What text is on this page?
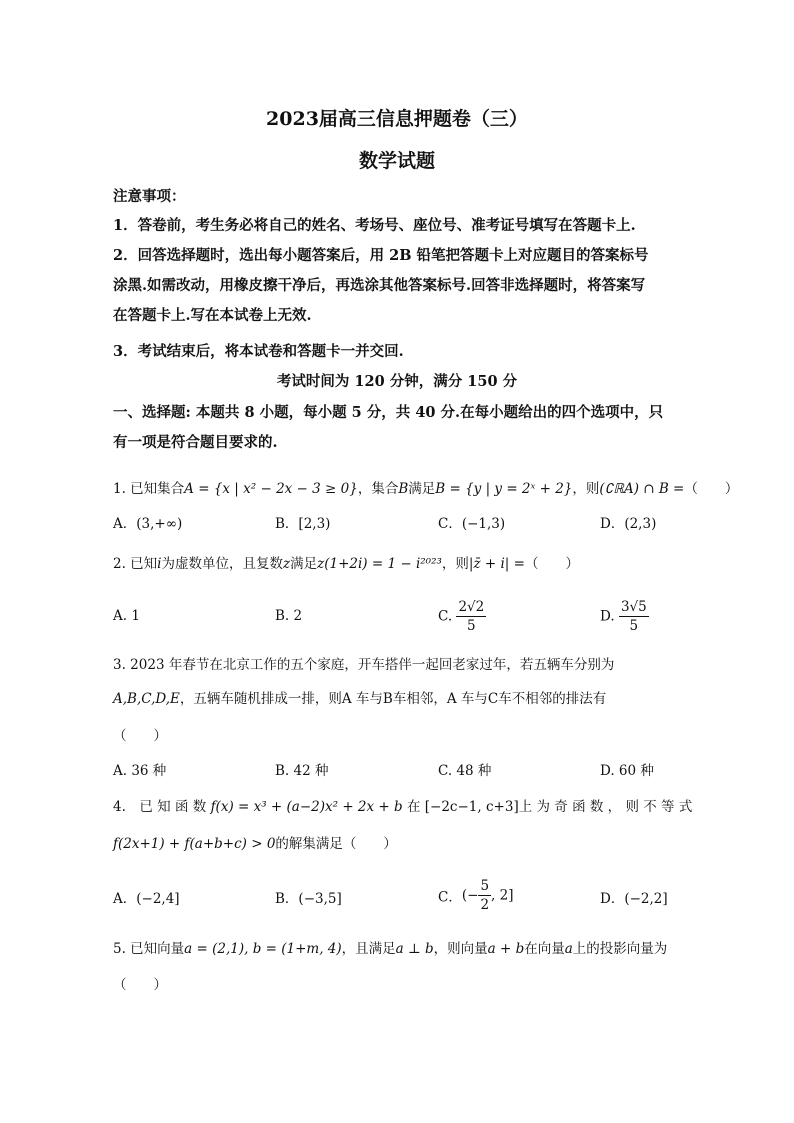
2023届高三信息押题卷（三）
数学试题
注意事项：
1．答卷前，考生务必将自己的姓名、考场号、座位号、准考证号填写在答题卡上.
2．回答选择题时，选出每小题答案后，用 2B 铅笔把答题卡上对应题目的答案标号
涂黑.如需改动，用橡皮擦干净后，再选涂其他答案标号.回答非选择题时，将答案写
在答题卡上.写在本试卷上无效.
3．考试结束后，将本试卷和答题卡一并交回.
考试时间为 120 分钟，满分 150 分
一、选择题: 本题共 8 小题，每小题 5 分，共 40 分.在每小题给出的四个选项中，只
有一项是符合题目要求的.
1. 已知集合A = {x | x² − 2x − 3 ≥ 0}，集合B满足B = {y | y = 2ˣ + 2}，则(∁ℝA) ∩ B =（　　）
A．(3,+∞)	B．[2,3)	C．(−1,3)	D．(2,3)
2. 已知i为虚数单位，且复数z满足z(1+2i) = 1 − i²⁰²³，则|z̄ + i| =（　　）
A. 1	B. 2	C. $\frac{2√2}{5}$	D. $\frac{3√5}{5}$
3. 2023 年春节在北京工作的五个家庭，开车搭伴一起回老家过年，若五辆车分别为
A,B,C,D,E，五辆车随机排成一排，则A 车与B车相邻，A 车与C车不相邻的排法有
（　　）
A. 36 种	B. 42 种	C. 48 种	D. 60 种
4.　已 知 函 数 f(x) = x³ + (a−2)x² + 2x + b 在 [−2c−1, c+3]上 为 奇 函 数 ， 则 不 等 式
f(2x+1) + f(a+b+c) > 0的解集满足（　　）
A．(−2,4]	B．(−3,5]	C．(− $\frac{5}{2}$ , 2]	D．(−2,2]
5. 已知向量a = (2,1), b = (1+m, 4)，且满足a ⊥ b，则向量a + b在向量a上的投影向量为
（　　）
